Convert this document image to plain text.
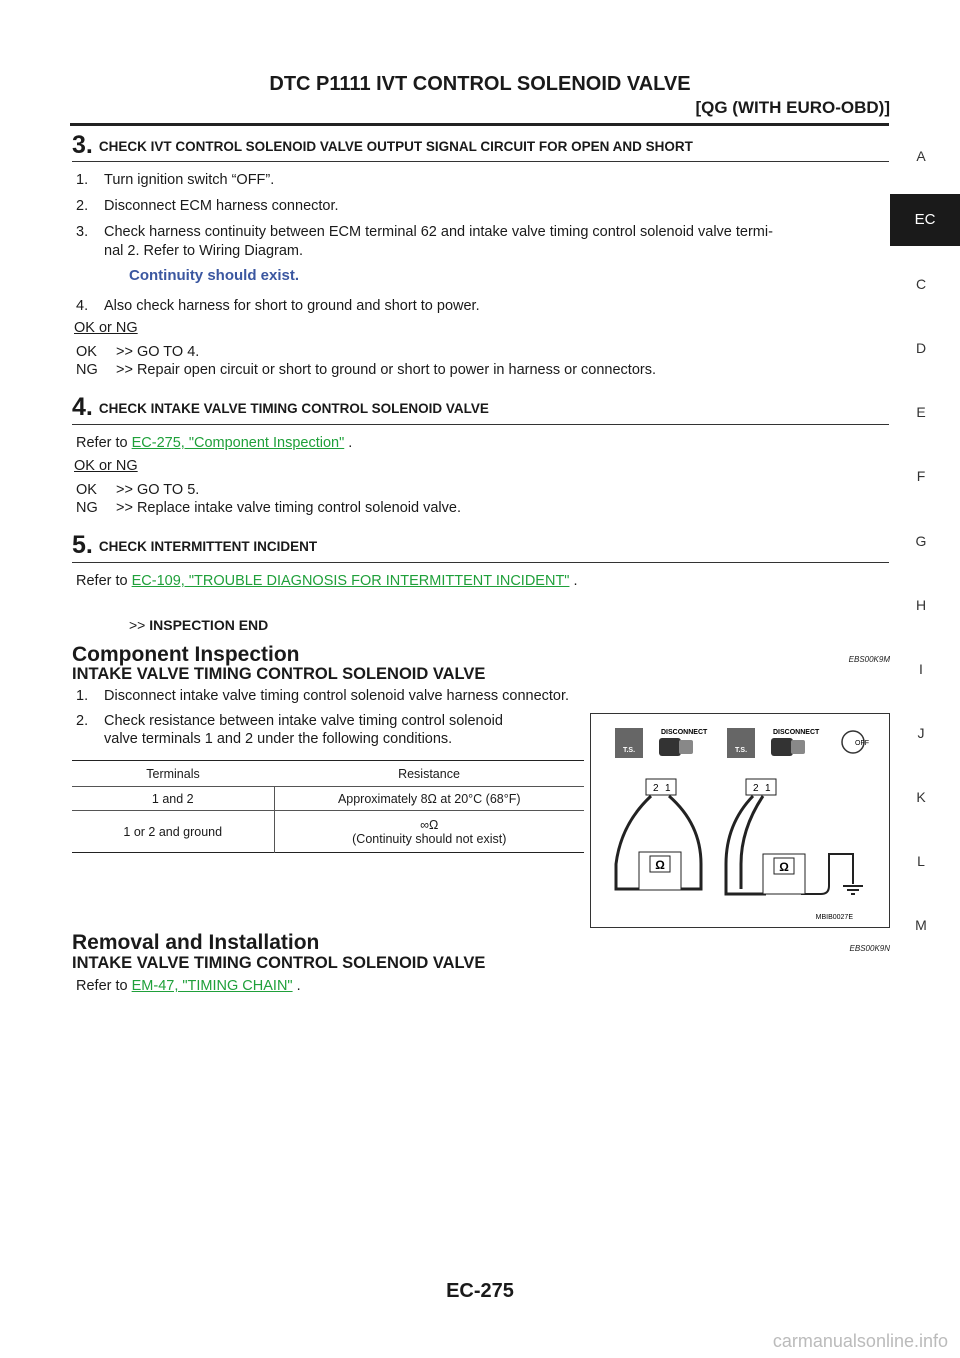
DTC P1111 IVT CONTROL SOLENOID VALVE
[QG (WITH EURO-OBD)]
EC
A
C
D
E
F
G
H
I
J
K
L
M
3. CHECK IVT CONTROL SOLENOID VALVE OUTPUT SIGNAL CIRCUIT FOR OPEN AND SHORT
1. Turn ignition switch “OFF”.
2. Disconnect ECM harness connector.
3. Check harness continuity between ECM terminal 62 and intake valve timing control solenoid valve termi-
nal 2. Refer to Wiring Diagram.
Continuity should exist.
4. Also check harness for short to ground and short to power.
OK or NG
OK	>> GO TO 4.
NG	>> Repair open circuit or short to ground or short to power in harness or connectors.
4. CHECK INTAKE VALVE TIMING CONTROL SOLENOID VALVE
Refer to EC-275, "Component Inspection" .
OK or NG
OK	>> GO TO 5.
NG	>> Replace intake valve timing control solenoid valve.
5. CHECK INTERMITTENT INCIDENT
Refer to EC-109, "TROUBLE DIAGNOSIS FOR INTERMITTENT INCIDENT" .
>> INSPECTION END
Component Inspection	EBS00K9M
INTAKE VALVE TIMING CONTROL SOLENOID VALVE
1. Disconnect intake valve timing control solenoid valve harness connector.
2. Check resistance between intake valve timing control solenoid
valve terminals 1 and 2 under the following conditions.
Terminals	Resistance
1 and 2	Approximately 8Ω at 20°C (68°F)
1 or 2 and ground	∞Ω
(Continuity should not exist)
T.S.
DISCONNECT
T.S.
DISCONNECT
OFF
2 1
Ω
2 1
Ω
MBIB0027E
Removal and Installation	EBS00K9N
INTAKE VALVE TIMING CONTROL SOLENOID VALVE
Refer to EM-47, "TIMING CHAIN" .
EC-275
carmanualsonline.info
